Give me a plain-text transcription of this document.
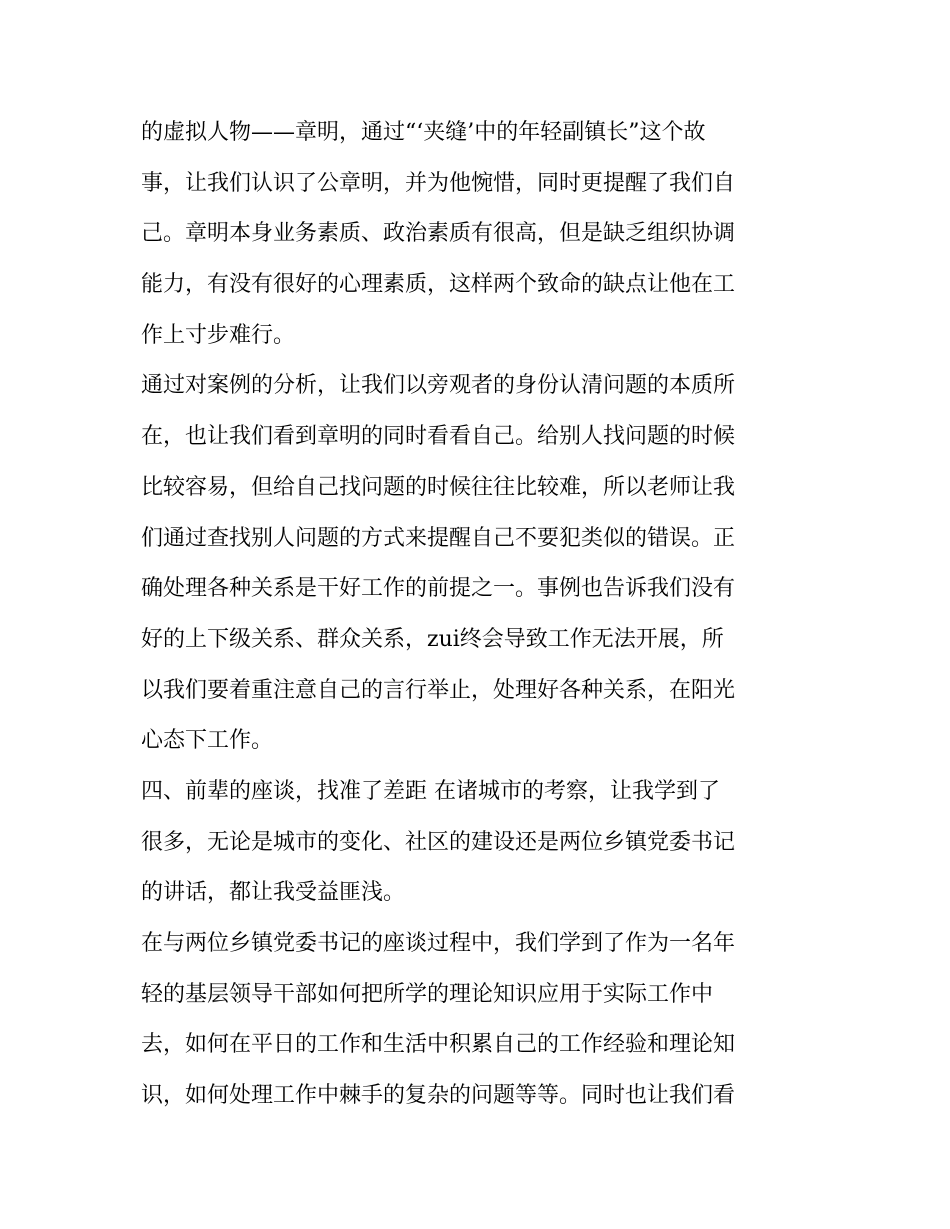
的虚拟人物——章明，通过“‘夹缝’中的年轻副镇长”这个故
事，让我们认识了公章明，并为他惋惜，同时更提醒了我们自
己。章明本身业务素质、政治素质有很高，但是缺乏组织协调
能力，有没有很好的心理素质，这样两个致命的缺点让他在工
作上寸步难行。
通过对案例的分析，让我们以旁观者的身份认清问题的本质所
在，也让我们看到章明的同时看看自己。给别人找问题的时候
比较容易，但给自己找问题的时候往往比较难，所以老师让我
们通过查找别人问题的方式来提醒自己不要犯类似的错误。正
确处理各种关系是干好工作的前提之一。事例也告诉我们没有
好的上下级关系、群众关系，zui终会导致工作无法开展，所
以我们要着重注意自己的言行举止，处理好各种关系，在阳光
心态下工作。
四、前辈的座谈，找准了差距 在诸城市的考察，让我学到了
很多，无论是城市的变化、社区的建设还是两位乡镇党委书记
的讲话，都让我受益匪浅。
在与两位乡镇党委书记的座谈过程中，我们学到了作为一名年
轻的基层领导干部如何把所学的理论知识应用于实际工作中
去，如何在平日的工作和生活中积累自己的工作经验和理论知
识，如何处理工作中棘手的复杂的问题等等。同时也让我们看
